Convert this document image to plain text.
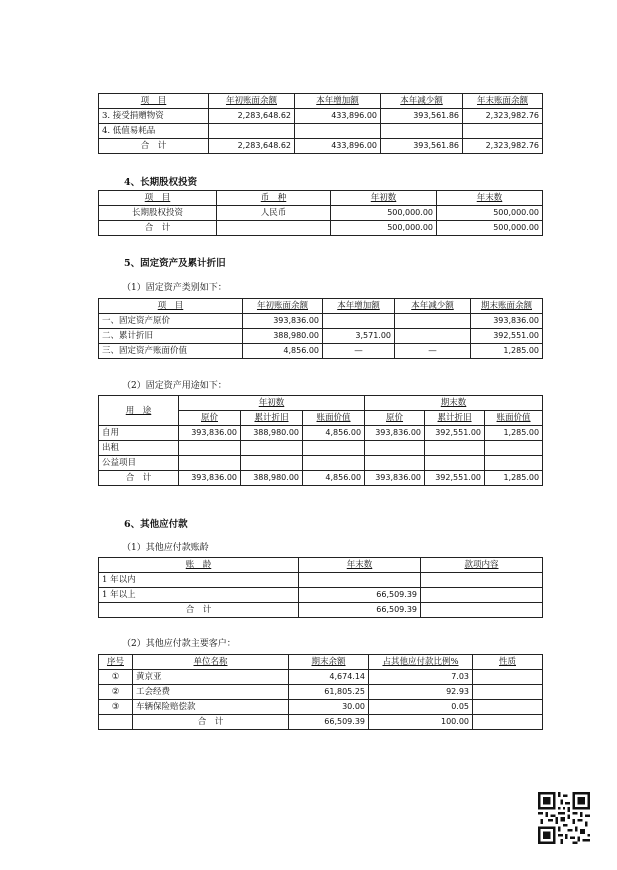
项　目	年初账面余额	本年增加额	本年减少额	年末账面余额
3. 接受捐赠物资	2,283,648.62	433,896.00	393,561.86	2,323,982.76
4. 低值易耗品				
合　计	2,283,648.62	433,896.00	393,561.86	2,323,982.76
4、长期股权投资
项　目	币　种	年初数	年末数
长期股权投资	人民币	500,000.00	500,000.00
合　计		500,000.00	500,000.00
5、固定资产及累计折旧
（1）固定资产类别如下：
项　目	年初账面余额	本年增加额	本年减少额	期末账面余额
一、固定资产原价	393,836.00			393,836.00
二、累计折旧	388,980.00	3,571.00		392,551.00
三、固定资产账面价值	4,856.00	—	—	1,285.00
（2）固定资产用途如下：
用　途	年初数			期末数		
	原价	累计折旧	账面价值	原价	累计折旧	账面价值
自用	393,836.00	388,980.00	4,856.00	393,836.00	392,551.00	1,285.00
出租						
公益项目						
合　计	393,836.00	388,980.00	4,856.00	393,836.00	392,551.00	1,285.00
6、其他应付款
（1）其他应付款账龄
账　龄	年末数	款项内容
1 年以内		
1 年以上	66,509.39	
合　计	66,509.39	
（2）其他应付款主要客户：
序号	单位名称	期末余额	占其他应付款比例%	性质
①	黄京亚	4,674.14	7.03	
②	工会经费	61,805.25	92.93	
③	车辆保险赔偿款	30.00	0.05	
	合　计	66,509.39	100.00	
